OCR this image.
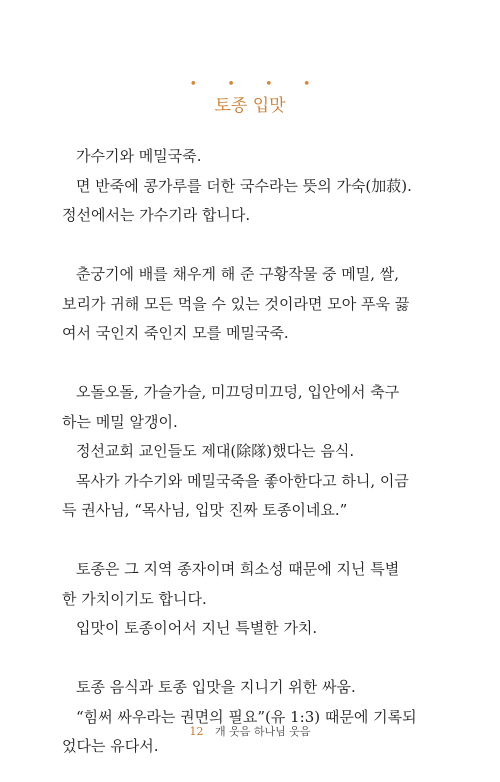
• • • •
토종 입맛
가수기와 메밀국죽.
면 반죽에 콩가루를 더한 국수라는 뜻의 가숙(加菽).
정선에서는 가수기라 합니다.
춘궁기에 배를 채우게 해 준 구황작물 중 메밀, 쌀,
보리가 귀해 모든 먹을 수 있는 것이라면 모아 푸욱 끓
여서 국인지 죽인지 모를 메밀국죽.
오돌오돌, 가슬가슬, 미끄덩미끄덩, 입안에서 축구
하는 메밀 알갱이.
정선교회 교인들도 제대(除隊)했다는 음식.
목사가 가수기와 메밀국죽을 좋아한다고 하니, 이금
득 권사님, “목사님, 입맛 진짜 토종이네요.”
토종은 그 지역 종자이며 희소성 때문에 지닌 특별
한 가치이기도 합니다.
입맛이 토종이어서 지닌 특별한 가치.
토종 음식과 토종 입맛을 지니기 위한 싸움.
“힘써 싸우라는 권면의 필요”(유 1:3) 때문에 기록되
었다는 유다서.
12 개 웃음 하나님 웃음
